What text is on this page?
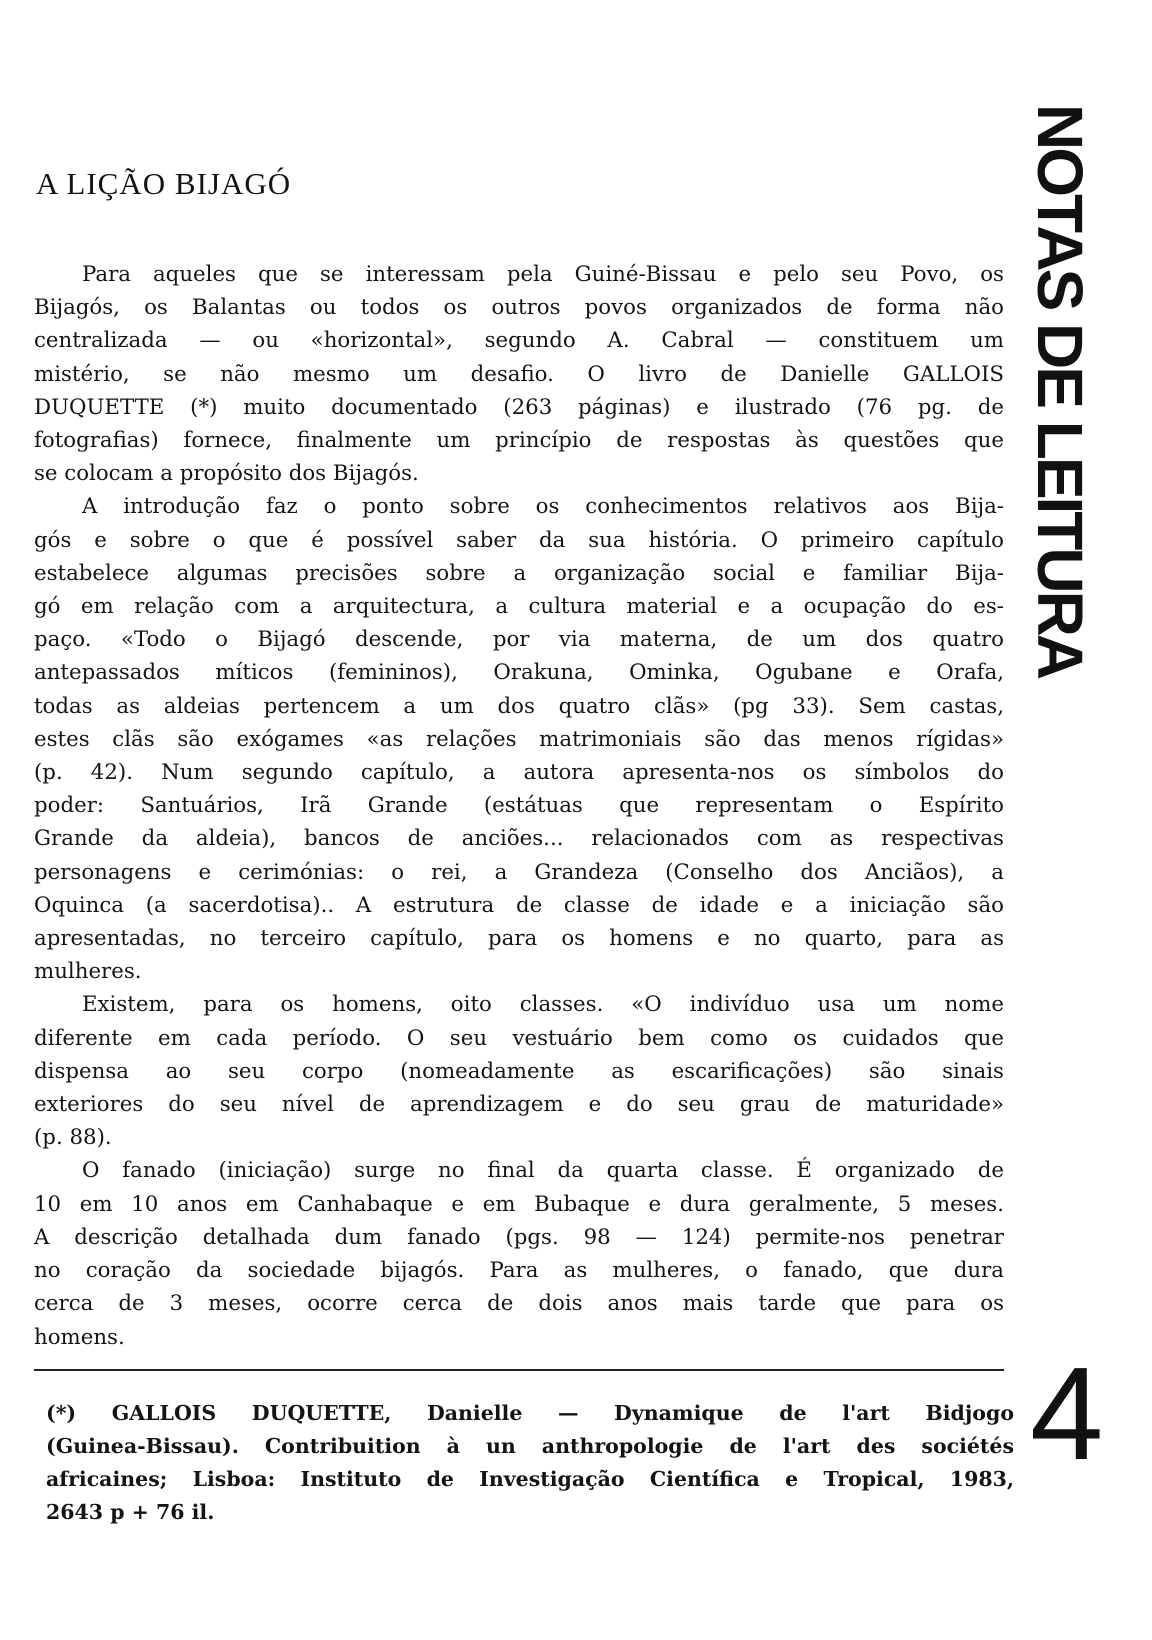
A LIÇÃO BIJAGÓ

Para aqueles que se interessam pela Guiné-Bissau e pelo seu Povo, os

Bijagós, os Balantas ou todos os outros povos organizados de forma não

centralizada — ou «horizontal», segundo A. Cabral — constituem um

mistério, se não mesmo um desafio. O livro de Danielle GALLOIS

DUQUETTE (*) muito documentado (263 páginas) e ilustrado (76 pg. de

fotografias) fornece, finalmente um princípio de respostas às questões que

se colocam a propósito dos Bijagós.

A introdução faz o ponto sobre os conhecimentos relativos aos Bija-

gós e sobre o que é possível saber da sua história. O primeiro capítulo

estabelece algumas precisões sobre a organização social e familiar Bija-

gó em relação com a arquitectura, a cultura material e a ocupação do es-

paço. «Todo o Bijagó descende, por via materna, de um dos quatro

antepassados míticos (femininos), Orakuna, Ominka, Ogubane e Orafa,

todas as aldeias pertencem a um dos quatro clãs» (pg 33). Sem castas,

estes clãs são exógames «as relações matrimoniais são das menos rígidas»

(p. 42). Num segundo capítulo, a autora apresenta-nos os símbolos do

poder: Santuários, Irã Grande (estátuas que representam o Espírito

Grande da aldeia), bancos de anciões... relacionados com as respectivas

personagens e cerimónias: o rei, a Grandeza (Conselho dos Anciãos), a

Oquinca (a sacerdotisa).. A estrutura de classe de idade e a iniciação são

apresentadas, no terceiro capítulo, para os homens e no quarto, para as

mulheres.

Existem, para os homens, oito classes. «O indivíduo usa um nome

diferente em cada período. O seu vestuário bem como os cuidados que

dispensa ao seu corpo (nomeadamente as escarificações) são sinais

exteriores do seu nível de aprendizagem e do seu grau de maturidade»

(p. 88).

O fanado (iniciação) surge no final da quarta classe. É organizado de

10 em 10 anos em Canhabaque e em Bubaque e dura geralmente, 5 meses.

A descrição detalhada dum fanado (pgs. 98 — 124) permite-nos penetrar

no coração da sociedade bijagós. Para as mulheres, o fanado, que dura

cerca de 3 meses, ocorre cerca de dois anos mais tarde que para os

homens.

(*) GALLOIS DUQUETTE, Danielle — Dynamique de l'art Bidjogo

(Guinea-Bissau). Contribuition à un anthropologie de l'art des sociétés

africaines; Lisboa: Instituto de Investigação Científica e Tropical, 1983,

2643 p + 76 il.

NOTAS DE LEITURA
4
